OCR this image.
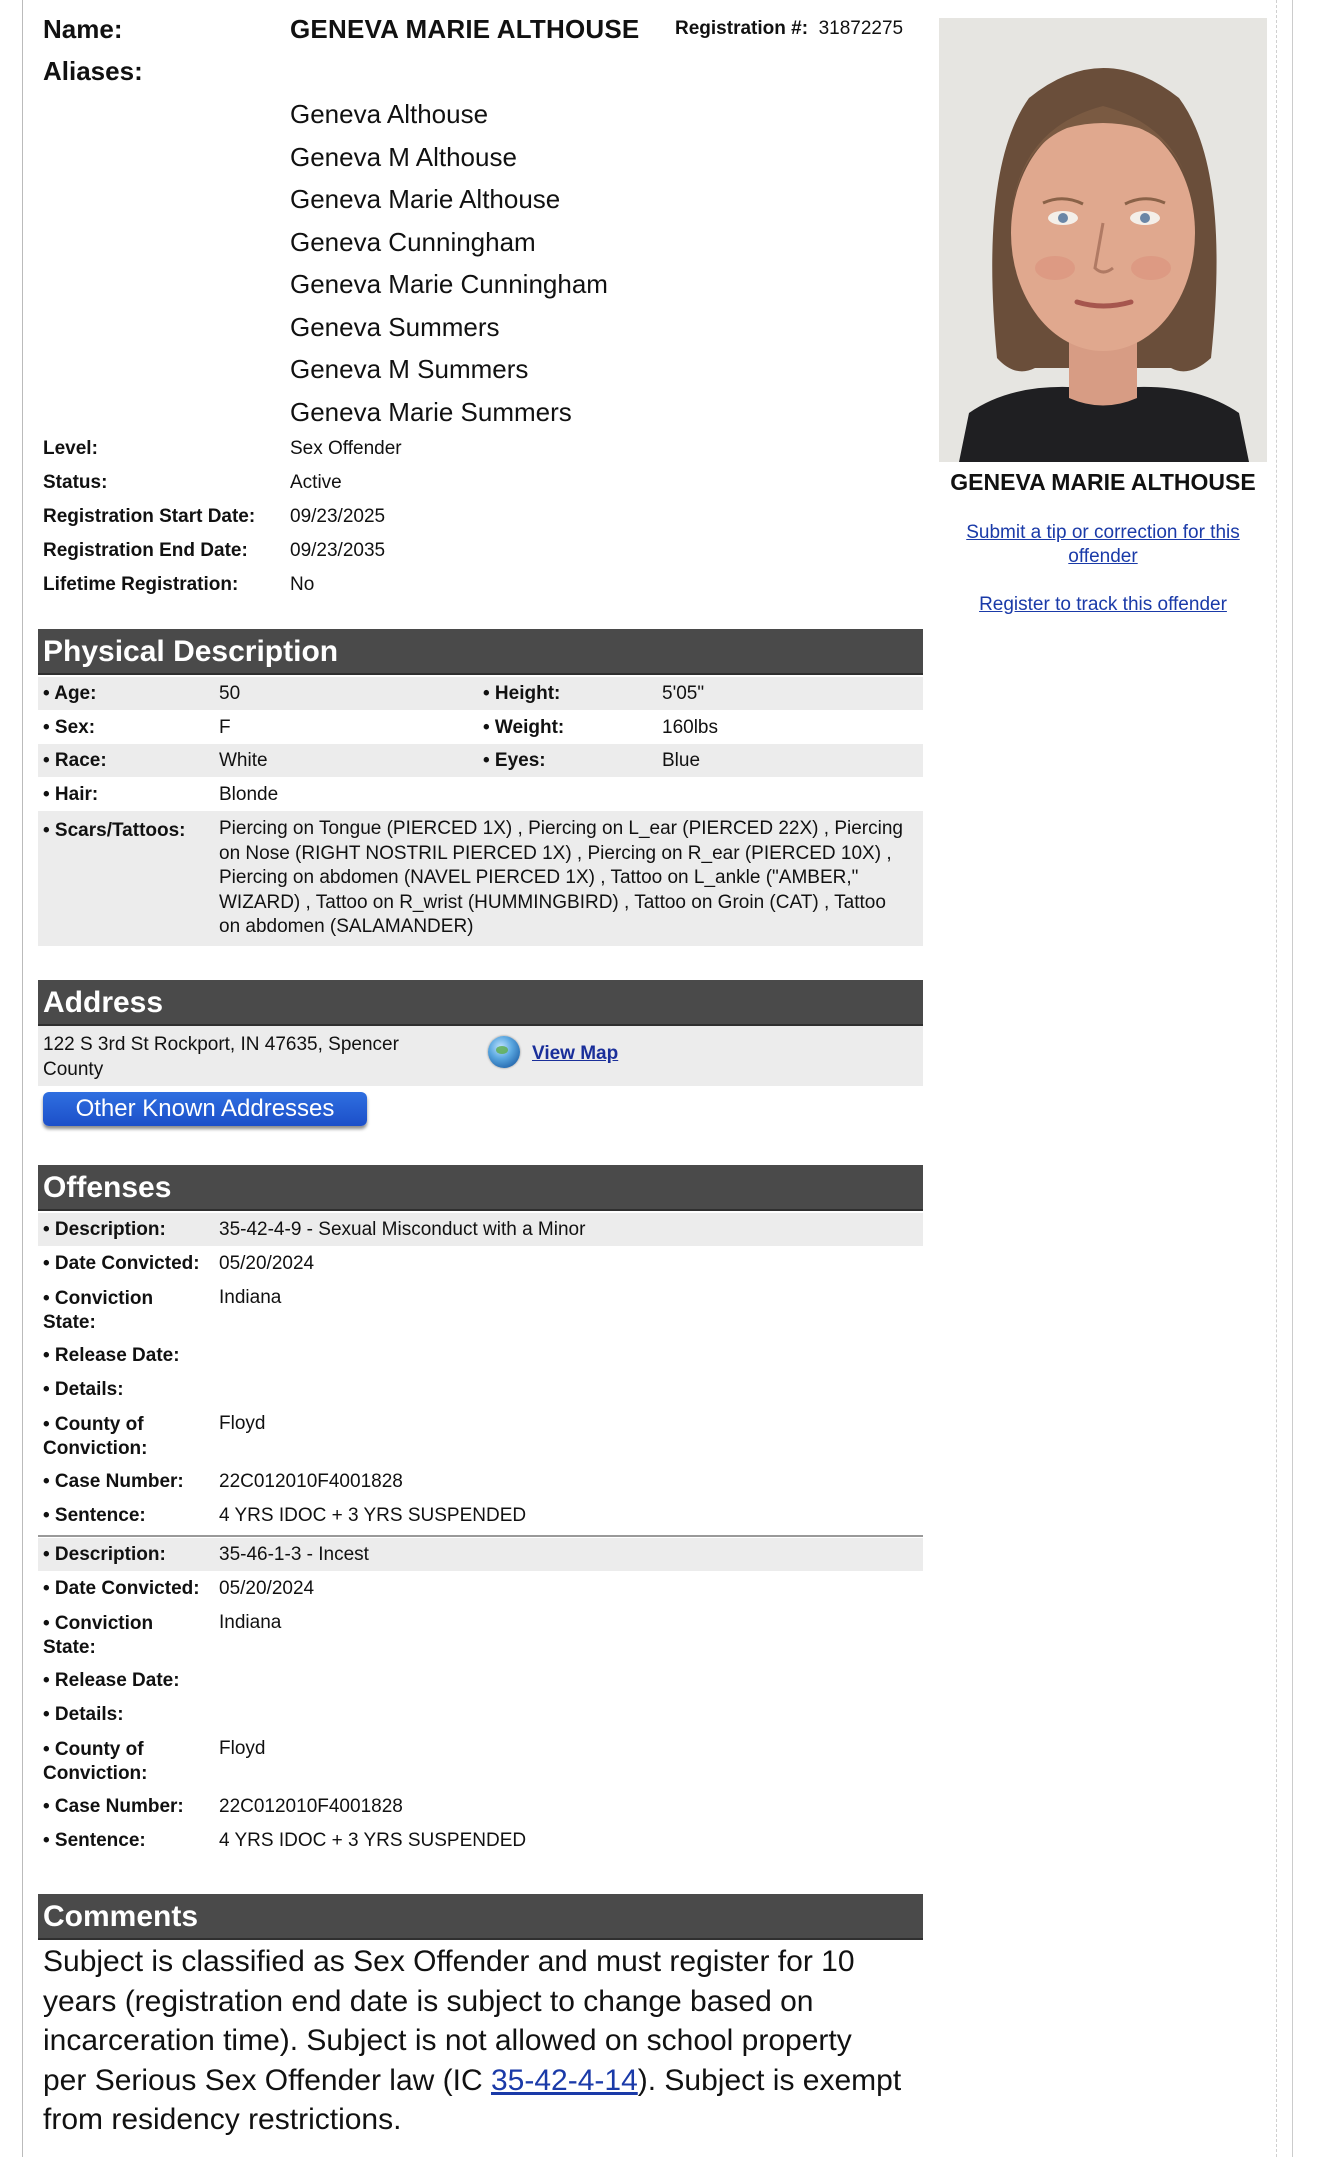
Name:	GENEVA MARIE ALTHOUSE Registration #: 31872275
Aliases:
Geneva Althouse
Geneva M Althouse
Geneva Marie Althouse
Geneva Cunningham
Geneva Marie Cunningham
Geneva Summers
Geneva M Summers
Geneva Marie Summers
Level:	Sex Offender
Status:	Active
Registration Start Date: 09/23/2025
Registration End Date: 09/23/2035
Lifetime Registration:	No
Physical Description
• Age:	50	• Height:	5'05"
• Sex:	F	• Weight:	160lbs
• Race:	White	• Eyes:	Blue
• Hair:	Blonde
• Scars/Tattoos: Piercing on Tongue (PIERCED 1X) , Piercing on L_ear (PIERCED 22X) , Piercing on Nose (RIGHT NOSTRIL PIERCED 1X) , Piercing on R_ear (PIERCED 10X) , Piercing on abdomen (NAVEL PIERCED 1X) , Tattoo on L_ankle ("AMBER," WIZARD) , Tattoo on R_wrist (HUMMINGBIRD) , Tattoo on Groin (CAT) , Tattoo on abdomen (SALAMANDER)
Address
122 S 3rd St Rockport, IN 47635, Spencer County
View Map
Other Known Addresses
Offenses
• Description:	35-42-4-9 - Sexual Misconduct with a Minor
• Date Convicted: 05/20/2024
• Conviction State:
Indiana
• Release Date:
• Details:
• County of Conviction:
Floyd
• Case Number: 22C012010F4001828
• Sentence:	4 YRS IDOC + 3 YRS SUSPENDED
• Description:	35-46-1-3 - Incest
• Date Convicted: 05/20/2024
• Conviction State:
Indiana
• Release Date:
• Details:
• County of Conviction:
Floyd
• Case Number: 22C012010F4001828
• Sentence:	4 YRS IDOC + 3 YRS SUSPENDED
Comments
Subject is classified as Sex Offender and must register for 10 years (registration end date is subject to change based on incarceration time). Subject is not allowed on school property per Serious Sex Offender law (IC 35-42-4-14). Subject is exempt from residency restrictions.
GENEVA MARIE ALTHOUSE
Submit a tip or correction for this offender
Register to track this offender
